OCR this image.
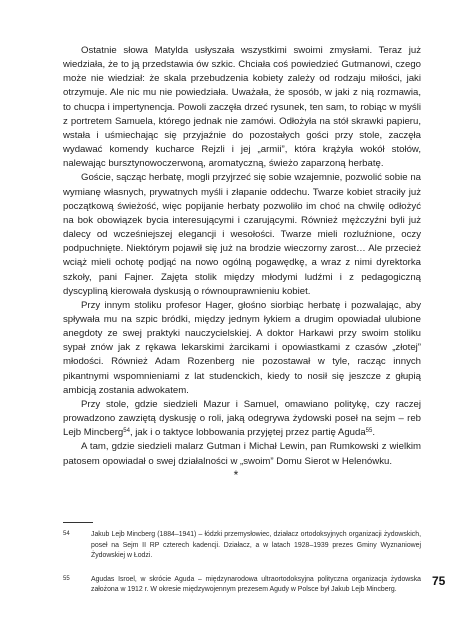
Ostatnie słowa Matylda usłyszała wszystkimi swoimi zmysłami. Teraz już wiedziała, że to ją przedstawia ów szkic. Chciała coś powiedzieć Gutmanowi, czego może nie wiedział: że skala przebudzenia kobiety zależy od rodzaju miłości, jaki otrzymuje. Ale nic mu nie powiedziała. Uważała, że sposób, w jaki z nią rozmawia, to chucpa i impertynencja. Powoli zaczęła drzeć rysunek, ten sam, to robiąc w myśli z portretem Samuela, którego jednak nie zamówi. Odłożyła na stół skrawki papieru, wstała i uśmiechając się przyjaźnie do pozostałych gości przy stole, zaczęła wydawać komendy kucharce Rejzli i jej „armii”, która krążyła wokół stołów, nalewając bursztynowoczerwoną, aromatyczną, świeżo zaparzoną herbatę.

Goście, sącząc herbatę, mogli przyjrzeć się sobie wzajemnie, pozwolić sobie na wymianę własnych, prywatnych myśli i złapanie oddechu. Twarze kobiet straciły już początkową świeżość, więc popijanie herbaty pozwoliło im choć na chwilę odłożyć na bok obowiązek bycia interesującymi i czarującymi. Również mężczyźni byli już dalecy od wcześniejszej elegancji i wesołości. Twarze mieli rozluźnione, oczy podpuchnięte. Niektórym pojawił się już na brodzie wieczorny zarost… Ale przecież wciąż mieli ochotę podjąć na nowo ogólną pogawędkę, a wraz z nimi dyrektorka szkoły, pani Fajner. Zajęta stolik między młodymi ludźmi i z pedagogiczną dyscypliną kierowała dyskusją o równouprawnieniu kobiet.

Przy innym stoliku profesor Hager, głośno siorbiąc herbatę i pozwalając, aby spływała mu na szpic bródki, między jednym łykiem a drugim opowiadał ulubione anegdoty ze swej praktyki nauczycielskiej. A doktor Harkawi przy swoim stoliku sypał znów jak z rękawa lekarskimi żarcikami i opowiastkami z czasów „złotej” młodości. Również Adam Rozenberg nie pozostawał w tyle, racząc innych pikantnymi wspomnieniami z lat studenckich, kiedy to nosił się jeszcze z głupią ambicją zostania adwokatem.

Przy stole, gdzie siedzieli Mazur i Samuel, omawiano politykę, czy raczej prowadzono zawziętą dyskusję o roli, jaką odegrywa żydowski poseł na sejm – reb Lejb Mincberg$^{54}$, jak i o taktyce lobbowania przyjętej przez partię Aguda$^{55}$.

A tam, gdzie siedzieli malarz Gutman i Michał Lewin, pan Rumkowski z wielkim patosem opowiadał o swej działalności w „swoim” Domu Sierot w Helenówku.

*
54	Jakub Lejb Mincberg (1884–1941) – łódzki przemysłowiec, działacz ortodoksyjnych organizacji żydowskich, poseł na Sejm II RP czterech kadencji. Działacz, a w latach 1928–1939 prezes Gminy Wyznaniowej Żydowskiej w Łodzi.
55	Agudas Isroel, w skrócie Aguda – międzynarodowa ultraortodoksyjna polityczna organizacja żydowska założona w 1912 r. W okresie międzywojennym prezesem Agudy w Polsce był Jakub Lejb Mincberg.
75
